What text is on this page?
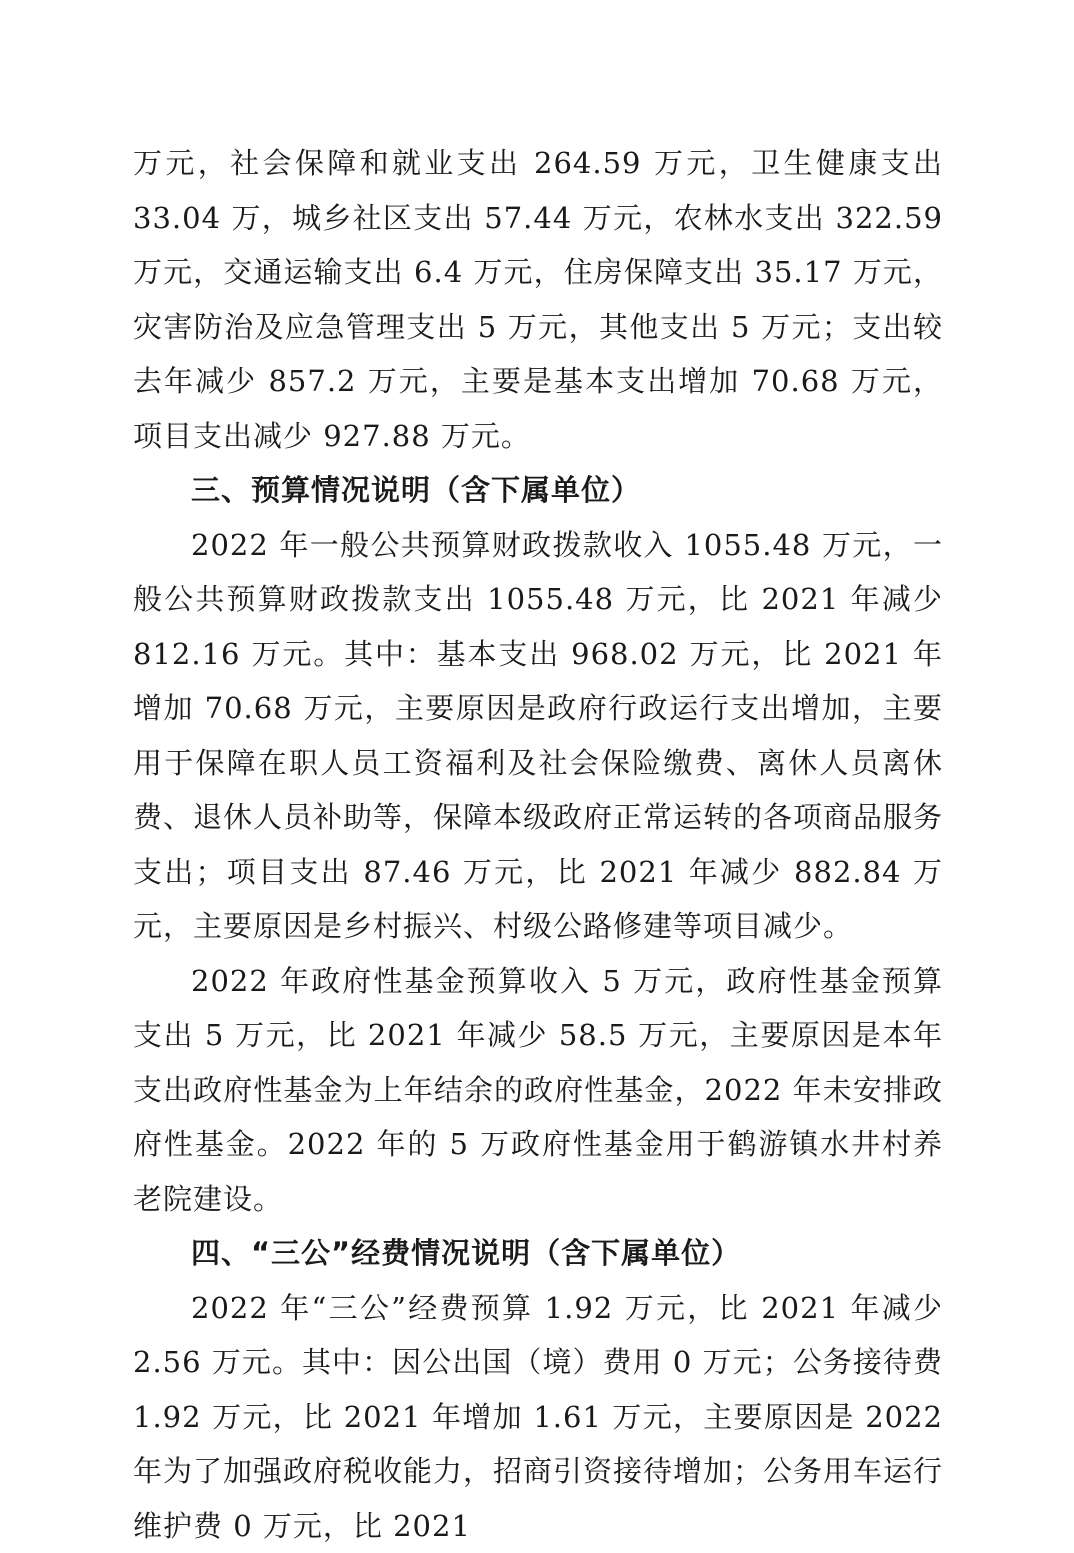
万元，社会保障和就业支出 264.59 万元，卫生健康支出 33.04 万，城乡社区支出 57.44 万元，农林水支出 322.59 万元，交通运输支出 6.4 万元，住房保障支出 35.17 万元，灾害防治及应急管理支出 5 万元，其他支出 5 万元；支出较去年减少 857.2 万元，主要是基本支出增加 70.68 万元，项目支出减少 927.88 万元。

三、预算情况说明（含下属单位）

2022 年一般公共预算财政拨款收入 1055.48 万元，一般公共预算财政拨款支出 1055.48 万元，比 2021 年减少 812.16 万元。其中：基本支出 968.02 万元，比 2021 年增加 70.68 万元，主要原因是政府行政运行支出增加，主要用于保障在职人员工资福利及社会保险缴费、离休人员离休费、退休人员补助等，保障本级政府正常运转的各项商品服务支出；项目支出 87.46 万元，比 2021 年减少 882.84 万元，主要原因是乡村振兴、村级公路修建等项目减少。

2022 年政府性基金预算收入 5 万元，政府性基金预算支出 5 万元，比 2021 年减少 58.5 万元，主要原因是本年支出政府性基金为上年结余的政府性基金，2022 年未安排政府性基金。2022 年的 5 万政府性基金用于鹤游镇水井村养老院建设。

四、“三公”经费情况说明（含下属单位）

2022 年“三公”经费预算 1.92 万元，比 2021 年减少 2.56 万元。其中：因公出国（境）费用 0 万元；公务接待费 1.92 万元，比 2021 年增加 1.61 万元，主要原因是 2022 年为了加强政府税收能力，招商引资接待增加；公务用车运行维护费 0 万元，比 2021
